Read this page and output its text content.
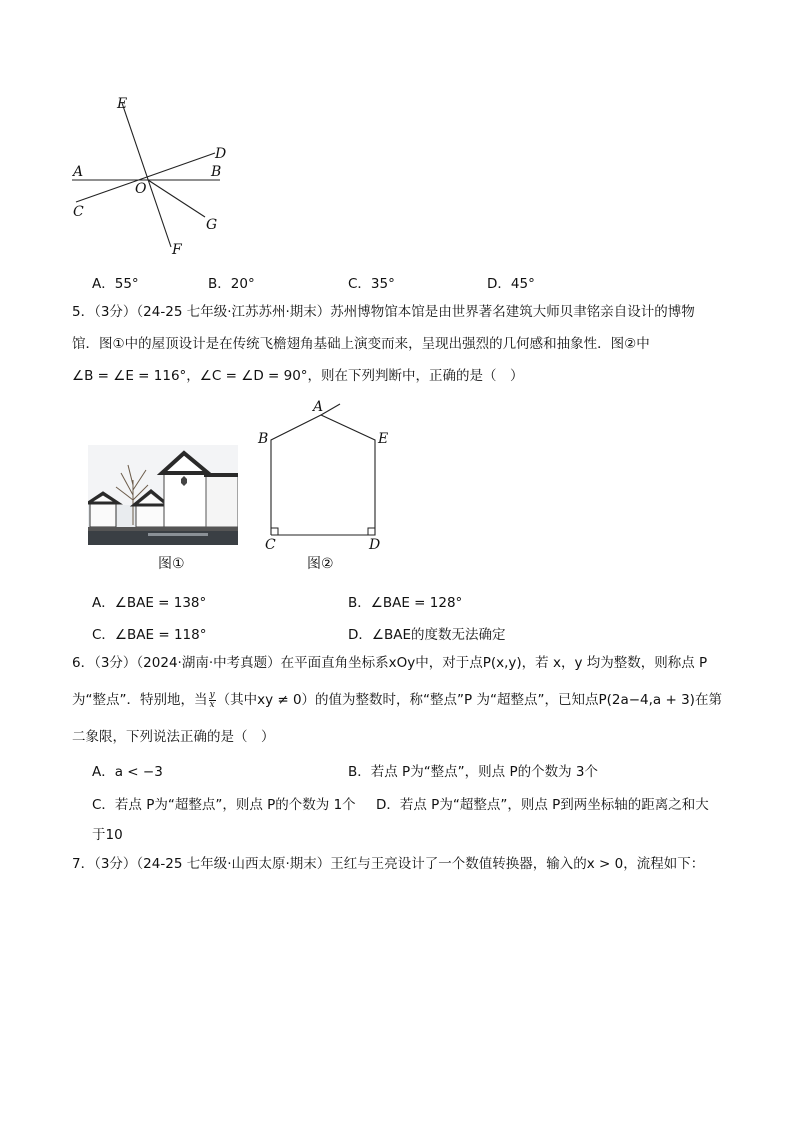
E
D
A	B
O
C
G
F
A．55°	B．20°	C．35°	D．45°
5．（3分）（24-25 七年级·江苏苏州·期末）苏州博物馆本馆是由世界著名建筑大师贝聿铭亲自设计的博物
馆．图①中的屋顶设计是在传统飞檐翅角基础上演变而来，呈现出强烈的几何感和抽象性．图②中
∠B = ∠E = 116°，∠C = ∠D = 90°，则在下列判断中，正确的是（　）
图①
A
B	E
C	D
图②
A．∠BAE = 138°	B．∠BAE = 128°
C．∠BAE = 118°	D．∠BAE的度数无法确定
6．（3分）（2024·湖南·中考真题）在平面直角坐标系xOy中，对于点P(x,y)，若 x，y 均为整数，则称点 P
为“整点”．特别地，当 $\frac{y}{x}$ （其中xy ≠ 0）的值为整数时，称“整点”P 为“超整点”，已知点P(2a−4,a + 3)在第
二象限，下列说法正确的是（　）
A．a < −3	B．若点 P为“整点”，则点 P的个数为 3个
C．若点 P为“超整点”，则点 P的个数为 1个 D．若点 P为“超整点”，则点 P到两坐标轴的距离之和大
于10
7．（3分）（24-25 七年级·山西太原·期末）王红与王亮设计了一个数值转换器，输入的x > 0，流程如下：
